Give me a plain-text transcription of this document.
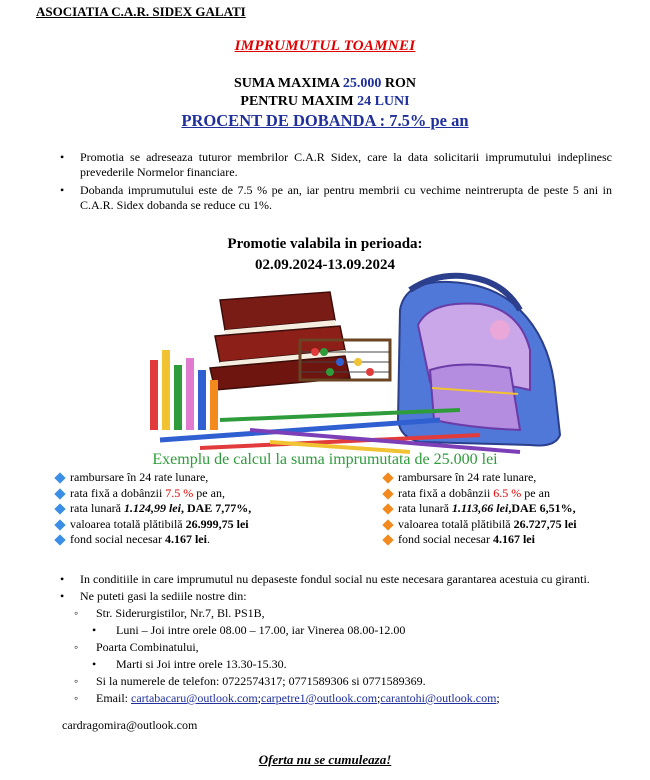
ASOCIATIA C.A.R. SIDEX GALATI
IMPRUMUTUL TOAMNEI
SUMA MAXIMA 25.000 RON
PENTRU MAXIM 24 LUNI
PROCENT DE DOBANDA : 7.5% pe an
• Promotia se adreseaza tuturor membrilor C.A.R Sidex, care la data solicitarii imprumutului indeplinesc prevederile Normelor financiare.
• Dobanda imprumutului este de 7.5 % pe an, iar pentru membrii cu vechime neintrerupta de peste 5 ani in C.A.R. Sidex dobanda se reduce cu 1%.
Promotie valabila in perioada:
02.09.2024-13.09.2024
Exemplu de calcul la suma imprumutata de 25.000 lei
rambursare în 24 rate lunare,
rata fixă a dobânzii 7.5 % pe an,
rata lunară 1.124,99 lei, DAE 7,77%,
valoarea totală plătibilă 26.999,75 lei
fond social necesar 4.167 lei.
rambursare în 24 rate lunare,
rata fixă a dobânzii 6.5 % pe an
rata lunară 1.113,66 lei,DAE 6,51%,
valoarea totală plătibilă 26.727,75 lei
fond social necesar 4.167 lei
• In conditiile in care imprumutul nu depaseste fondul social nu este necesara garantarea acestuia cu giranti.
• Ne puteti gasi la sediile nostre din:
◦ Str. Siderurgistilor, Nr.7, Bl. PS1B,
• Luni – Joi intre orele 08.00 – 17.00, iar Vinerea 08.00-12.00
◦ Poarta Combinatului,
• Marti si Joi intre orele 13.30-15.30.
◦ Si la numerele de telefon: 0722574317; 0771589306 si 0771589369.
◦ Email: cartabacaru@outlook.com;carpetre1@outlook.com;carantohi@outlook.com;
cardragomira@outlook.com
Oferta nu se cumuleaza!
